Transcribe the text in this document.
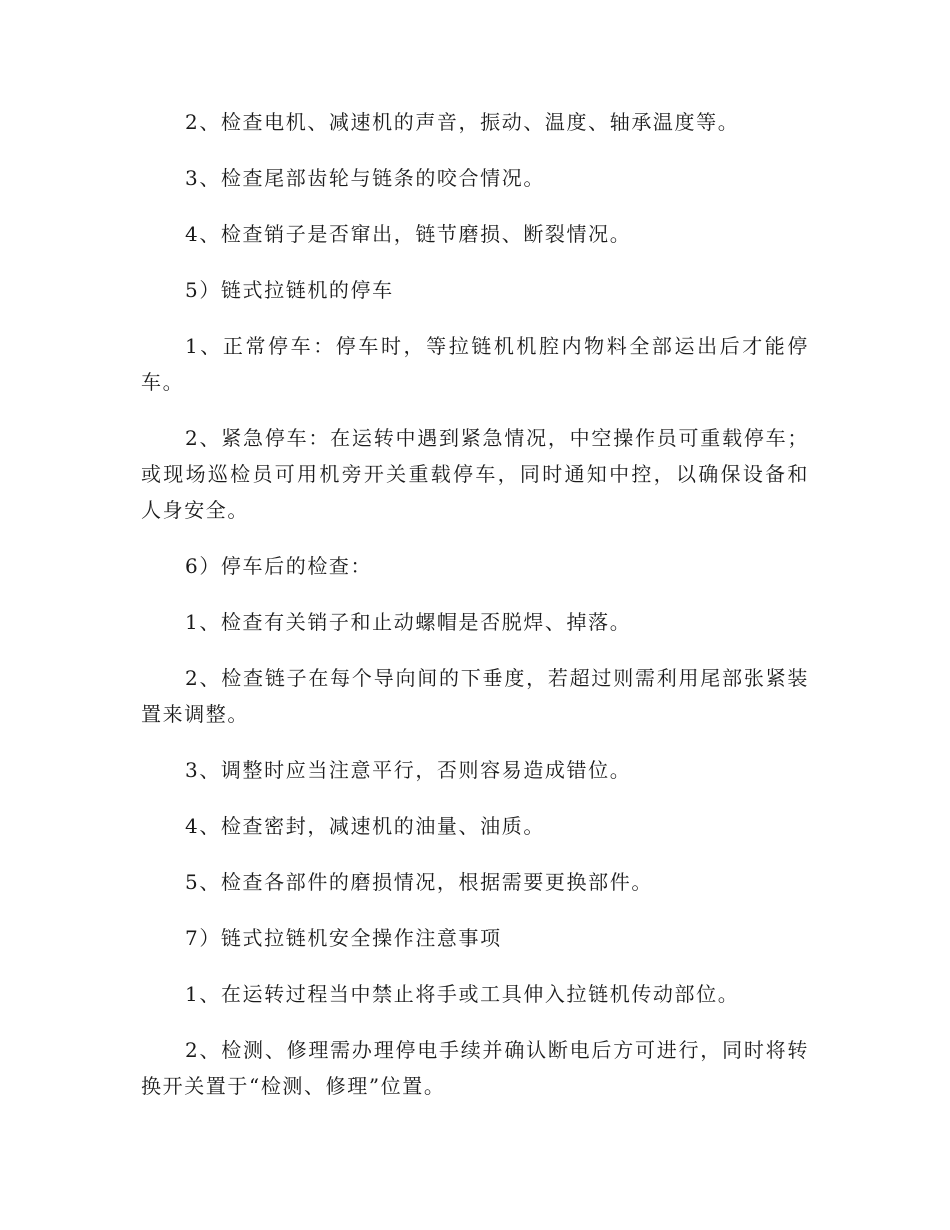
2、检查电机、减速机的声音，振动、温度、轴承温度等。

3、检查尾部齿轮与链条的咬合情况。

4、检查销子是否窜出，链节磨损、断裂情况。

5）链式拉链机的停车

1、正常停车：停车时，等拉链机机腔内物料全部运出后才能停车。

2、紧急停车：在运转中遇到紧急情况，中空操作员可重载停车；或现场巡检员可用机旁开关重载停车，同时通知中控，以确保设备和人身安全。

6）停车后的检查：

1、检查有关销子和止动螺帽是否脱焊、掉落。

2、检查链子在每个导向间的下垂度，若超过则需利用尾部张紧装置来调整。

3、调整时应当注意平行，否则容易造成错位。

4、检查密封，减速机的油量、油质。

5、检查各部件的磨损情况，根据需要更换部件。

7）链式拉链机安全操作注意事项

1、在运转过程当中禁止将手或工具伸入拉链机传动部位。

2、检测、修理需办理停电手续并确认断电后方可进行，同时将转换开关置于“检测、修理”位置。
